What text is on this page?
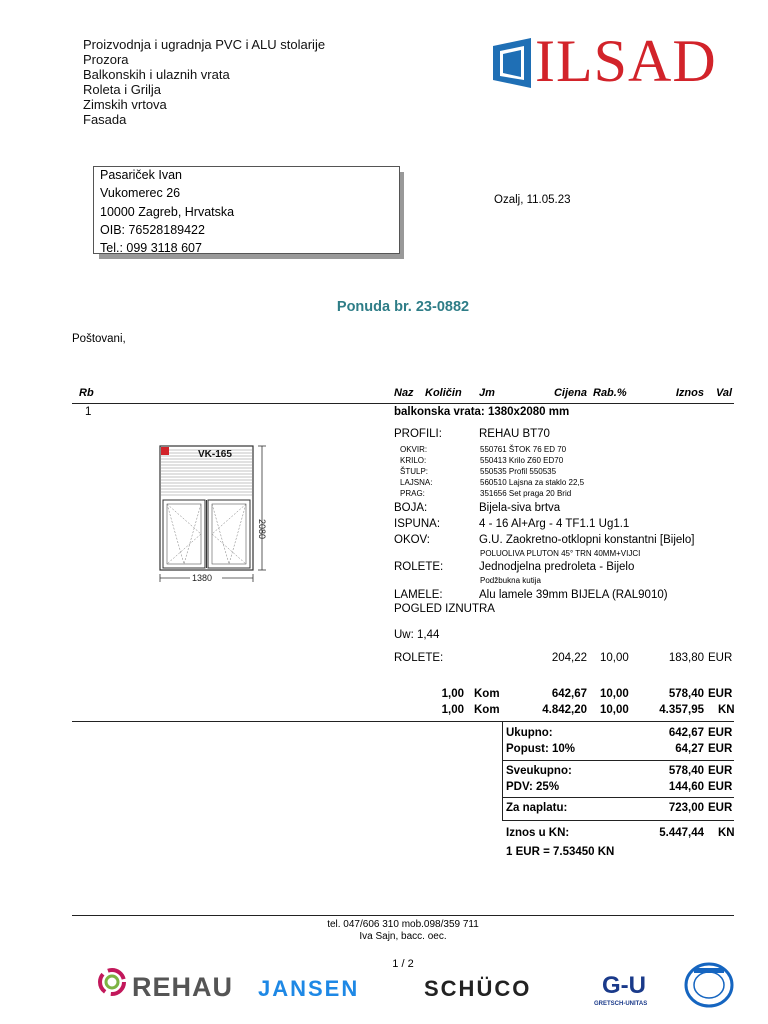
Proizvodnja i ugradnja PVC i ALU stolarije
Prozora
Balkonskih i ulaznih vrata
Roleta i Grilja
Zimskih vrtova
Fasada
ILSAD
Pasariček Ivan
Vukomerec 26
10000 Zagreb, Hrvatska
OIB: 76528189422
Tel.: 099 3118 607
Ozalj, 11.05.23
Ponuda br. 23-0882
Poštovani,
Rb	Naz Količin Jm	Cijena Rab.%	Iznos Val
1	balkonska vrata: 1380x2080 mm
VK-165
2080
1380
PROFILI:	REHAU BT70
OKVIR:	550761 ŠTOK 76 ED 70
KRILO:	550413 Krilo Z60 ED70
ŠTULP:	550535 Profil 550535
LAJSNA:	560510 Lajsna za staklo 22,5
PRAG:	351656 Set praga 20 Brid
BOJA:	Bijela-siva brtva
ISPUNA:	4 - 16 Al+Arg - 4 TF1.1 Ug1.1
OKOV:	G.U. Zaokretno-otklopni konstantni [Bijelo]
POLUOLIVA PLUTON 45° TRN 40MM+VIJCI
ROLETE:	Jednodjelna predroleta - Bijelo
Podžbukna kutija
LAMELE:	Alu lamele 39mm BIJELA (RAL9010)
POGLED IZNUTRA
Uw: 1,44
ROLETE:	204,22 10,00	183,80 EUR
1,00 Kom	642,67 10,00	578,40 EUR
1,00 Kom	4.842,20 10,00	4.357,95 KN
Ukupno:	642,67 EUR
Popust: 10%	64,27 EUR
Sveukupno:	578,40 EUR
PDV: 25%	144,60 EUR
Za naplatu:	723,00 EUR
Iznos u KN:	5.447,44 KN
1 EUR = 7.53450 KN
tel. 047/606 310 mob.098/359 711
Iva Sajn, bacc. oec.
1 / 2
REHAU JANSEN	SCHÜCO	G-U
GRETSCH-UNITAS
